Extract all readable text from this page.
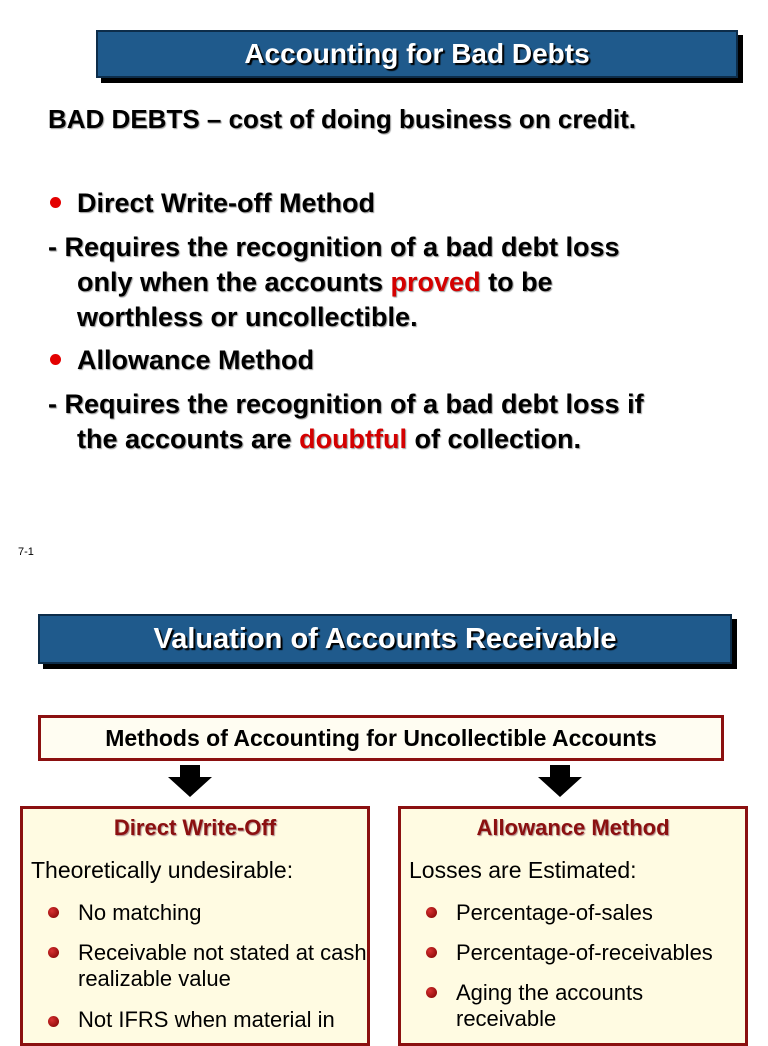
Accounting for Bad Debts
BAD DEBTS – cost of doing business on credit.
Direct Write-off Method
- Requires the recognition of a bad debt loss
only when the accounts proved to be
worthless or uncollectible.
Allowance Method
- Requires the recognition of a bad debt loss if
the accounts are doubtful of collection.
7-1
Valuation of Accounts Receivable
Methods of Accounting for Uncollectible Accounts
Direct Write-Off
Theoretically undesirable:
No matching
Receivable not stated at cash realizable value
Not IFRS when material in
Allowance Method
Losses are Estimated:
Percentage-of-sales
Percentage-of-receivables
Aging the accounts receivable
